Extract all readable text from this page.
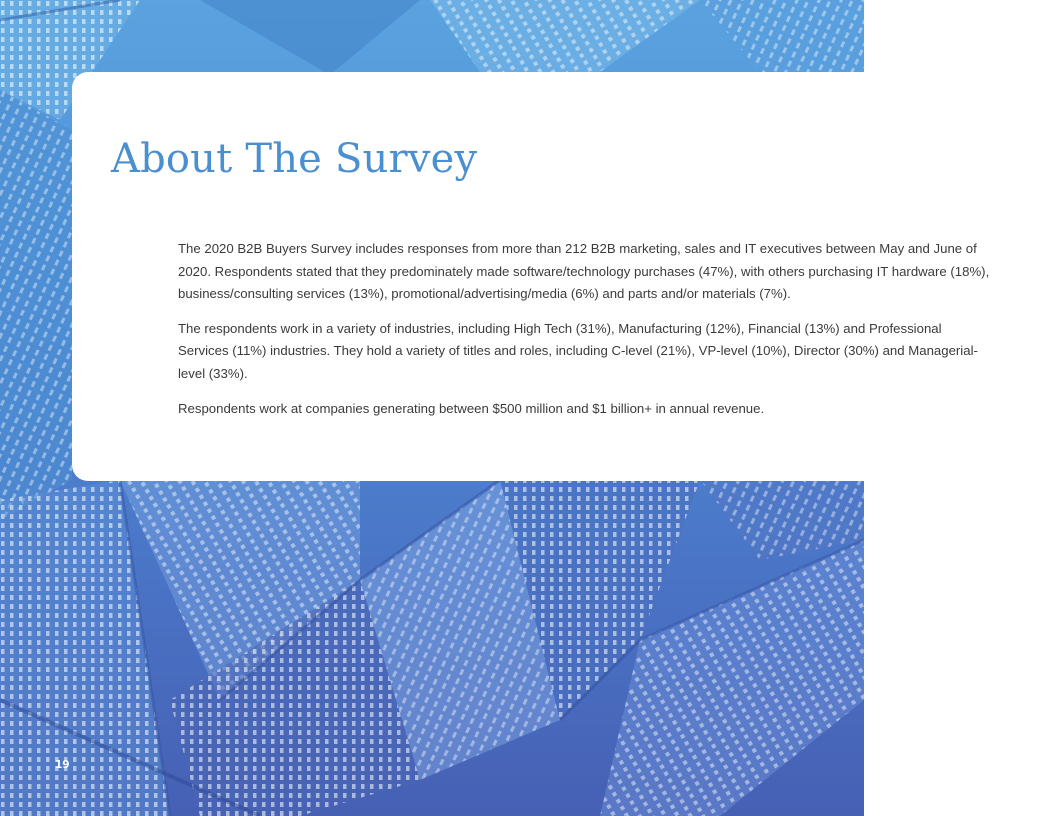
About The Survey

The 2020 B2B Buyers Survey includes responses from more than 212 B2B marketing, sales and IT executives between May and June of 2020. Respondents stated that they predominately made software/technology purchases (47%), with others purchasing IT hardware (18%), business/consulting services (13%), promotional/advertising/media (6%) and parts and/or materials (7%).

The respondents work in a variety of industries, including High Tech (31%), Manufacturing (12%), Financial (13%) and Professional Services (11%) industries. They hold a variety of titles and roles, including C-level (21%), VP-level (10%), Director (30%) and Managerial-level (33%).

Respondents work at companies generating between $500 million and $1 billion+ in annual revenue.

19
